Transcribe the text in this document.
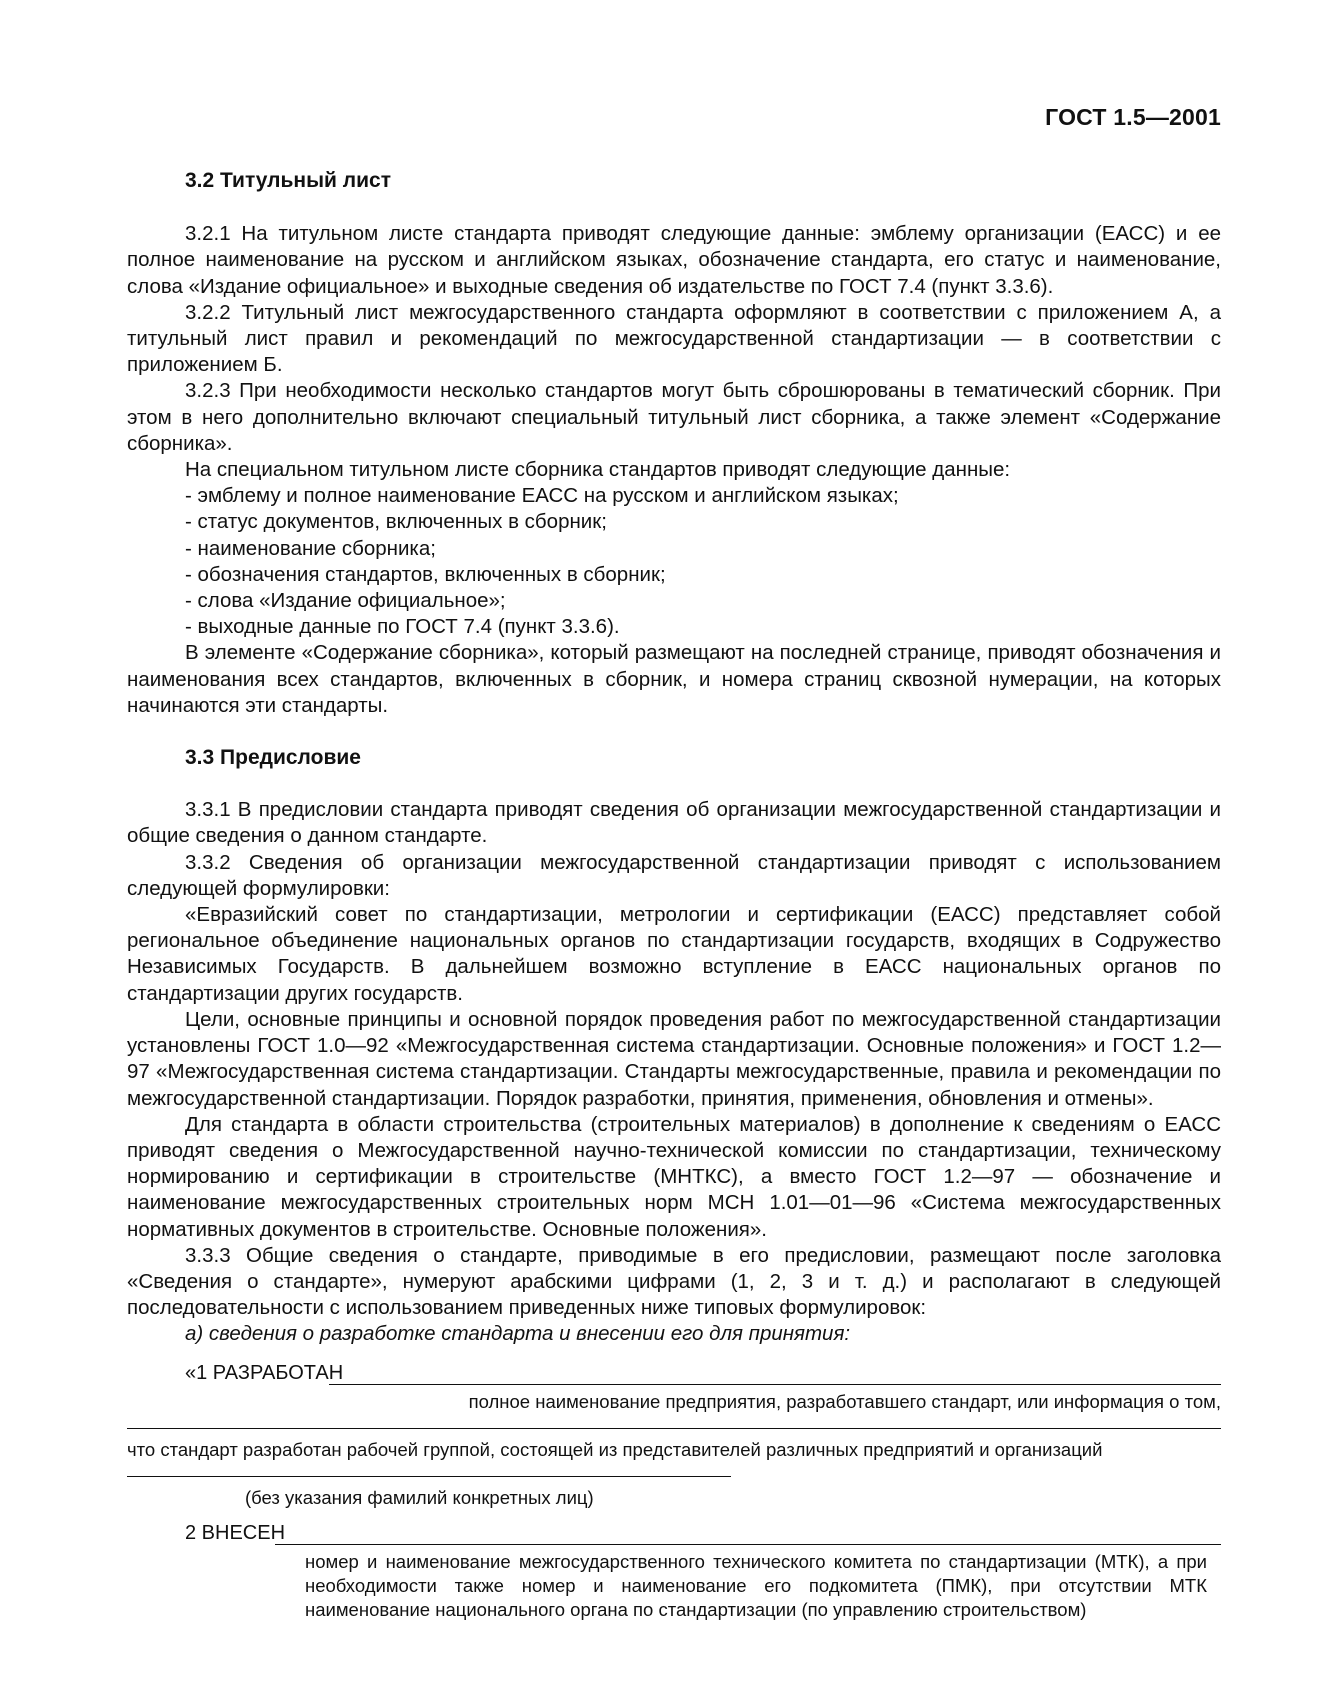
ГОСТ 1.5—2001
3.2 Титульный лист
3.2.1 На титульном листе стандарта приводят следующие данные: эмблему организации (ЕАСС) и ее полное наименование на русском и английском языках, обозначение стандарта, его статус и наименование, слова «Издание официальное» и выходные сведения об издательстве по ГОСТ 7.4 (пункт 3.3.6).
3.2.2 Титульный лист межгосударственного стандарта оформляют в соответствии с приложением А, а титульный лист правил и рекомендаций по межгосударственной стандартизации — в соответствии с приложением Б.
3.2.3 При необходимости несколько стандартов могут быть сброшюрованы в тематический сборник. При этом в него дополнительно включают специальный титульный лист сборника, а также элемент «Содержание сборника».
На специальном титульном листе сборника стандартов приводят следующие данные:
- эмблему и полное наименование ЕАСС на русском и английском языках;
- статус документов, включенных в сборник;
- наименование сборника;
- обозначения стандартов, включенных в сборник;
- слова «Издание официальное»;
- выходные данные по ГОСТ 7.4 (пункт 3.3.6).
В элементе «Содержание сборника», который размещают на последней странице, приводят обозначения и наименования всех стандартов, включенных в сборник, и номера страниц сквозной нумерации, на которых начинаются эти стандарты.
3.3 Предисловие
3.3.1 В предисловии стандарта приводят сведения об организации межгосударственной стандартизации и общие сведения о данном стандарте.
3.3.2 Сведения об организации межгосударственной стандартизации приводят с использованием следующей формулировки:
«Евразийский совет по стандартизации, метрологии и сертификации (ЕАСС) представляет собой региональное объединение национальных органов по стандартизации государств, входящих в Содружество Независимых Государств. В дальнейшем возможно вступление в ЕАСС национальных органов по стандартизации других государств.
Цели, основные принципы и основной порядок проведения работ по межгосударственной стандартизации установлены ГОСТ 1.0—92 «Межгосударственная система стандартизации. Основные положения» и ГОСТ 1.2—97 «Межгосударственная система стандартизации. Стандарты межгосударственные, правила и рекомендации по межгосударственной стандартизации. Порядок разработки, принятия, применения, обновления и отмены».
Для стандарта в области строительства (строительных материалов) в дополнение к сведениям о ЕАСС приводят сведения о Межгосударственной научно-технической комиссии по стандартизации, техническому нормированию и сертификации в строительстве (МНТКС), а вместо ГОСТ 1.2—97 — обозначение и наименование межгосударственных строительных норм МСН 1.01—01—96 «Система межгосударственных нормативных документов в строительстве. Основные положения».
3.3.3 Общие сведения о стандарте, приводимые в его предисловии, размещают после заголовка «Сведения о стандарте», нумеруют арабскими цифрами (1, 2, 3 и т. д.) и располагают в следующей последовательности с использованием приведенных ниже типовых формулировок:
а) сведения о разработке стандарта и внесении его для принятия:
«1 РАЗРАБОТАН
полное наименование предприятия, разработавшего стандарт, или информация о том,
что стандарт разработан рабочей группой, состоящей из представителей различных предприятий и организаций
(без указания фамилий конкретных лиц)
2 ВНЕСЕН
номер и наименование межгосударственного технического комитета по стандартизации (МТК), а при необходимости также номер и наименование его подкомитета (ПМК), при отсутствии МТК наименование национального органа по стандартизации (по управлению строительством)
